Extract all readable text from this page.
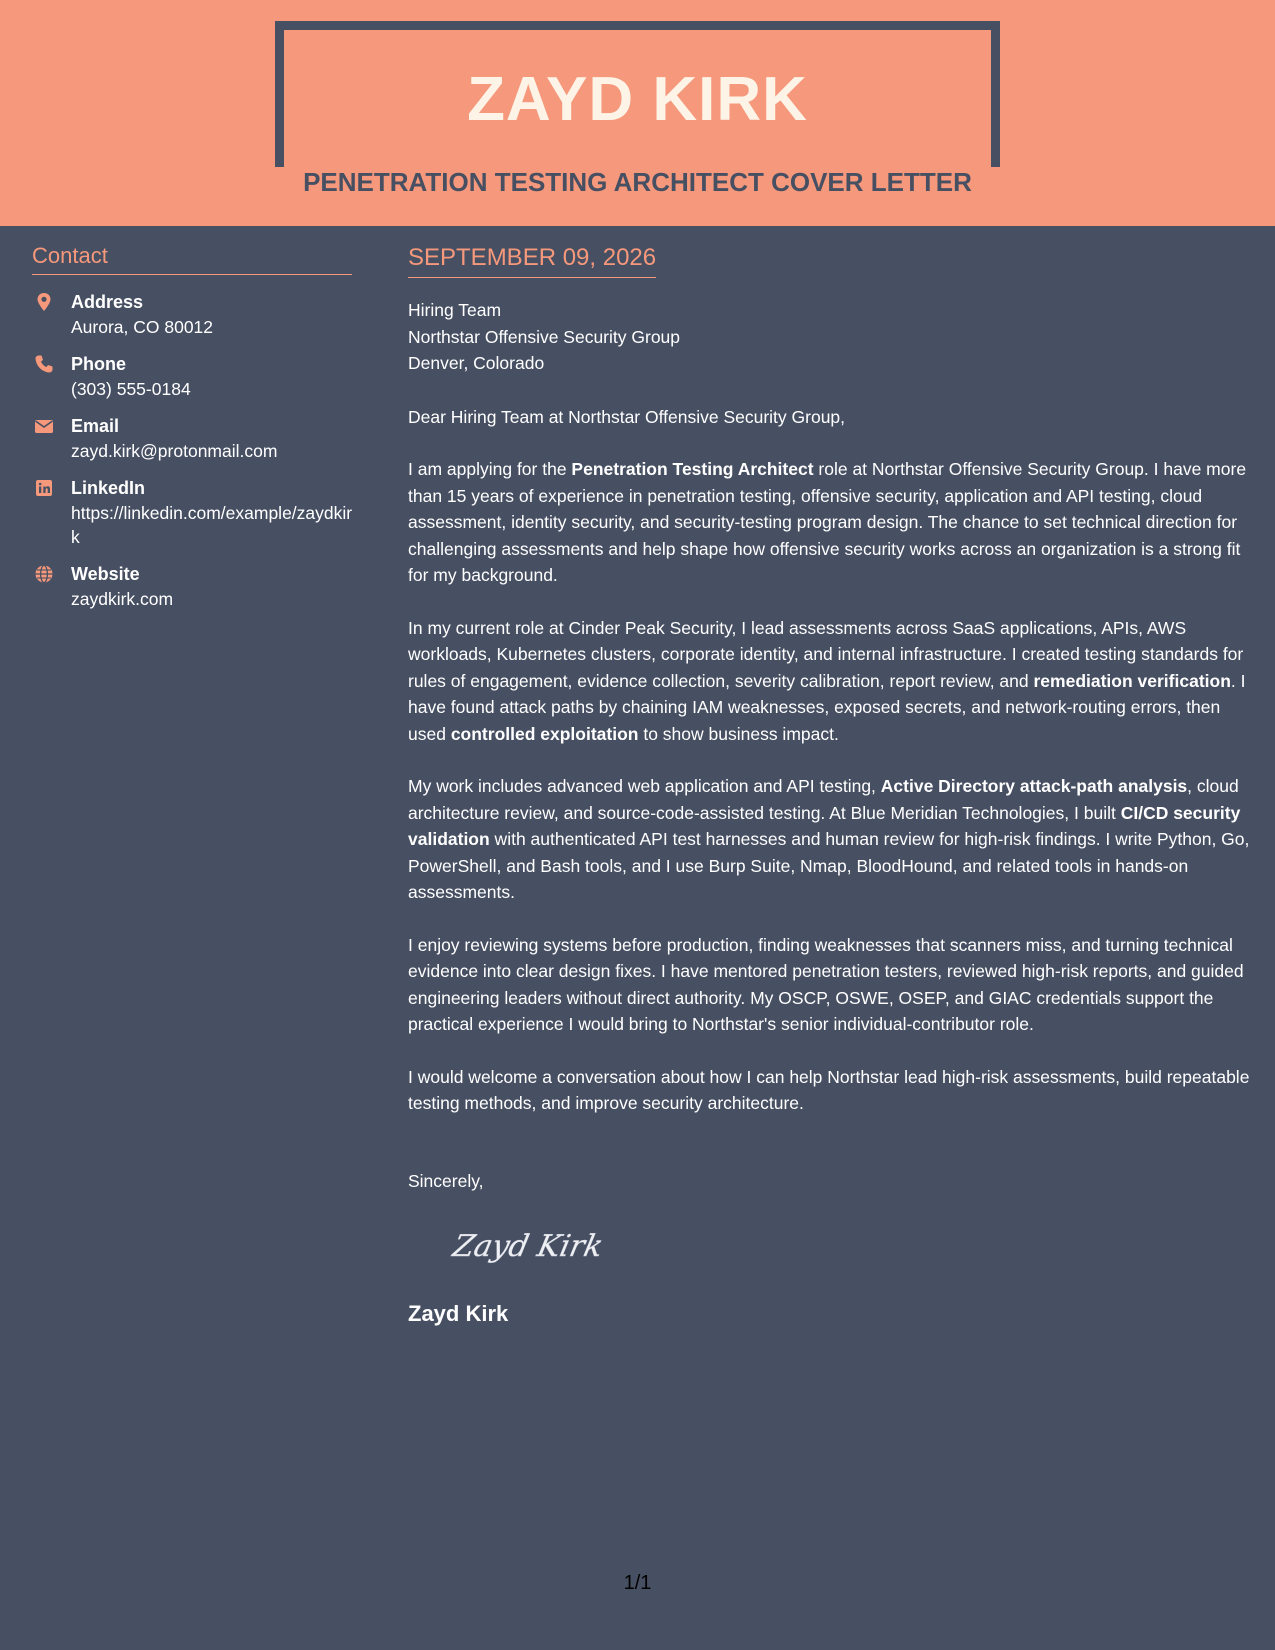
ZAYD KIRK
PENETRATION TESTING ARCHITECT COVER LETTER
Contact
Address
Aurora, CO 80012
Phone
(303) 555-0184
Email
zayd.kirk@protonmail.com
LinkedIn
https://linkedin.com/example/zaydkirk
Website
zaydkirk.com
SEPTEMBER 09, 2026
Hiring Team
Northstar Offensive Security Group
Denver, Colorado
Dear Hiring Team at Northstar Offensive Security Group,
I am applying for the Penetration Testing Architect role at Northstar Offensive Security Group. I have more than 15 years of experience in penetration testing, offensive security, application and API testing, cloud assessment, identity security, and security-testing program design. The chance to set technical direction for challenging assessments and help shape how offensive security works across an organization is a strong fit for my background.
In my current role at Cinder Peak Security, I lead assessments across SaaS applications, APIs, AWS workloads, Kubernetes clusters, corporate identity, and internal infrastructure. I created testing standards for rules of engagement, evidence collection, severity calibration, report review, and remediation verification. I have found attack paths by chaining IAM weaknesses, exposed secrets, and network-routing errors, then used controlled exploitation to show business impact.
My work includes advanced web application and API testing, Active Directory attack-path analysis, cloud architecture review, and source-code-assisted testing. At Blue Meridian Technologies, I built CI/CD security validation with authenticated API test harnesses and human review for high-risk findings. I write Python, Go, PowerShell, and Bash tools, and I use Burp Suite, Nmap, BloodHound, and related tools in hands-on assessments.
I enjoy reviewing systems before production, finding weaknesses that scanners miss, and turning technical evidence into clear design fixes. I have mentored penetration testers, reviewed high-risk reports, and guided engineering leaders without direct authority. My OSCP, OSWE, OSEP, and GIAC credentials support the practical experience I would bring to Northstar's senior individual-contributor role.
I would welcome a conversation about how I can help Northstar lead high-risk assessments, build repeatable testing methods, and improve security architecture.
Sincerely,
Zayd Kirk
Zayd Kirk
1/1
